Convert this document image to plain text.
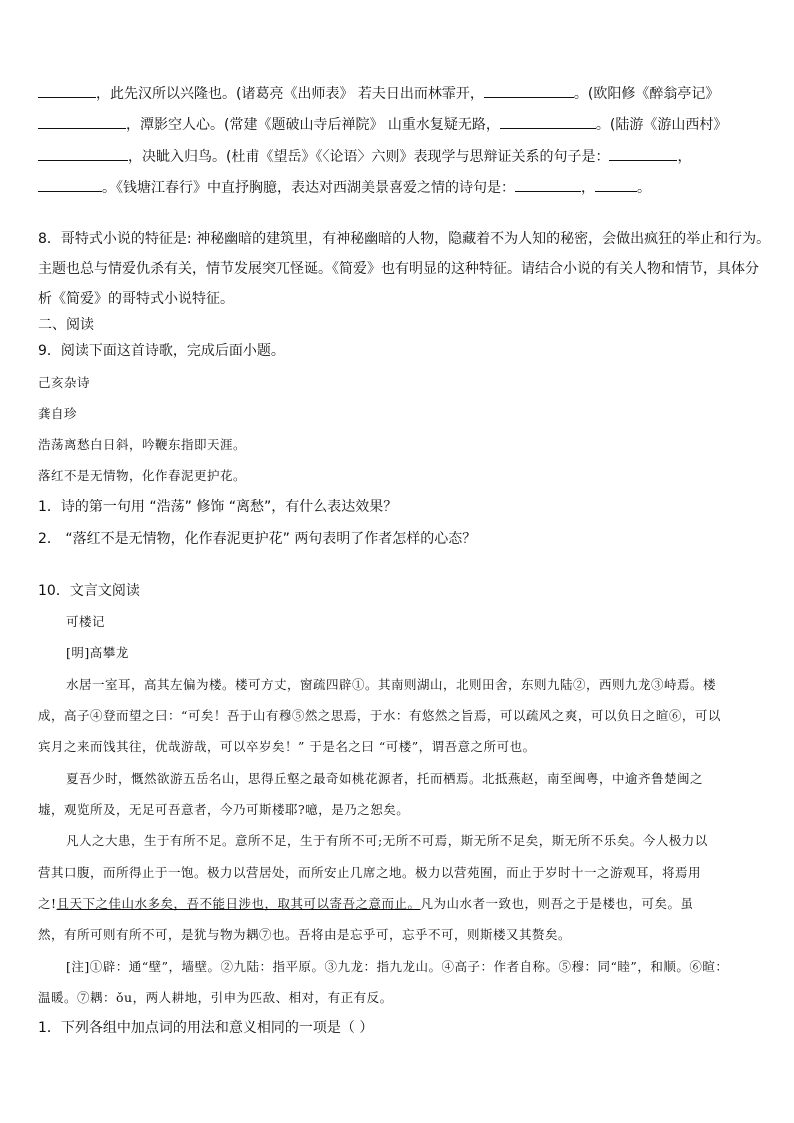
，此先汉所以兴隆也。(诸葛亮《出师表》 若夫日出而林霏开，	。(欧阳修《醉翁亭记》
，潭影空人心。(常建《题破山寺后禅院》 山重水复疑无路，	。(陆游《游山西村》
，决眦入归鸟。(杜甫《望岳》《〈论语〉六则》表现学与思辩证关系的句子是：	，
。《钱塘江春行》中直抒胸臆，表达对西湖美景喜爱之情的诗句是：	，	。
8．哥特式小说的特征是: 神秘幽暗的建筑里，有神秘幽暗的人物，隐藏着不为人知的秘密，会做出疯狂的举止和行为。
主题也总与情爱仇杀有关，情节发展突兀怪诞。《简爱》也有明显的这种特征。请结合小说的有关人物和情节，具体分
析《简爱》的哥特式小说特征。
二、阅读
9．阅读下面这首诗歌，完成后面小题。
己亥杂诗
龚自珍
浩荡离愁白日斜，吟鞭东指即天涯。
落红不是无情物，化作春泥更护花。
1．诗的第一句用 “浩荡” 修饰 “离愁”，有什么表达效果？
2． “落红不是无情物，化作春泥更护花” 两句表明了作者怎样的心态？
10．文言文阅读
可楼记
[明]高攀龙
水居一室耳，高其左偏为楼。楼可方丈，窗疏四辟①。其南则湖山，北则田舍，东则九陆②，西则九龙③峙焉。楼
成，高子④登而望之曰：“可矣！吾于山有穆⑤然之思焉，于水：有悠然之旨焉，可以疏风之爽，可以负日之暄⑥，可以
宾月之来而饯其往，优哉游哉，可以卒岁矣！” 于是名之曰 “可楼”，谓吾意之所可也。
夏吾少时，慨然欲游五岳名山，思得丘壑之最奇如桃花源者，托而栖焉。北抵燕赵，南至闽粤，中逾齐鲁楚闽之
墟，观览所及，无足可吾意者，今乃可斯楼耶?噫，是乃之恕矣。
凡人之大患，生于有所不足。意所不足，生于有所不可;无所不可焉，斯无所不足矣，斯无所不乐矣。今人极力以
营其口腹，而所得止于一饱。极力以营居处，而所安止几席之地。极力以营苑囿，而止于岁时十一之游观耳，将焉用
之!且天下之佳山水多矣，吾不能日涉也，取其可以寄吾之意而止。凡为山水者一致也，则吾之于是楼也，可矣。虽
然，有所可则有所不可，是犹与物为耦⑦也。吾将由是忘乎可，忘乎不可，则斯楼又其赘矣。
[注]①辟：通“壁”，墙壁。②九陆：指平原。③九龙：指九龙山。④高子：作者自称。⑤穆：同“睦”，和顺。⑥暄：
温暖。⑦耦：ǒu，两人耕地，引申为匹敌、相对，有正有反。
1．下列各组中加点词的用法和意义相同的一项是（ ）
